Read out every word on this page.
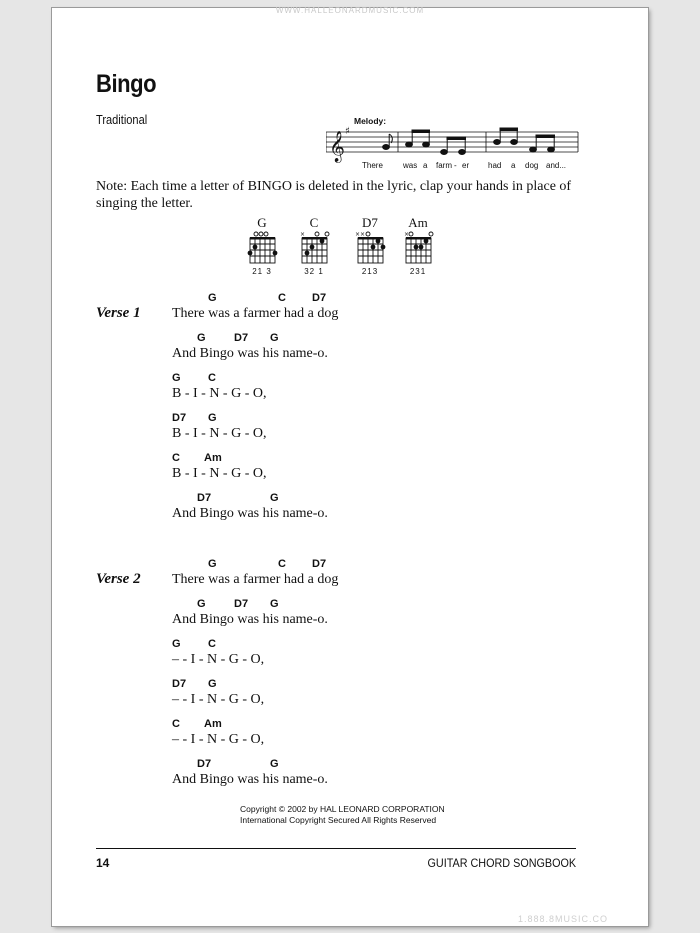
WWW.HALLEONARDMUSIC.COM
Bingo
Traditional	Melody:
𝄞 ♯
There	was a farm - er had a dog and...
Note: Each time a letter of BINGO is deleted in the lyric, clap your hands in place of singing the letter.
G
21 3
C
×
32 1
D7
××
213
Am
×
231
Verse 1
G	C D7
There was a farmer had a dog
G	D7 G
And Bingo was his name-o.
G C
B - I - N - G - O,
D7 G
B - I - N - G - O,
C Am
B - I - N - G - O,
D7	G
And Bingo was his name-o.
Verse 2
G	C D7
There was a farmer had a dog
G	D7 G
And Bingo was his name-o.
G C
– - I - N - G - O,
D7 G
– - I - N - G - O,
C Am
– - I - N - G - O,
D7	G
And Bingo was his name-o.
Copyright © 2002 by HAL LEONARD CORPORATION
International Copyright Secured All Rights Reserved
14	GUITAR CHORD SONGBOOK
1.888.8MUSIC.CO
